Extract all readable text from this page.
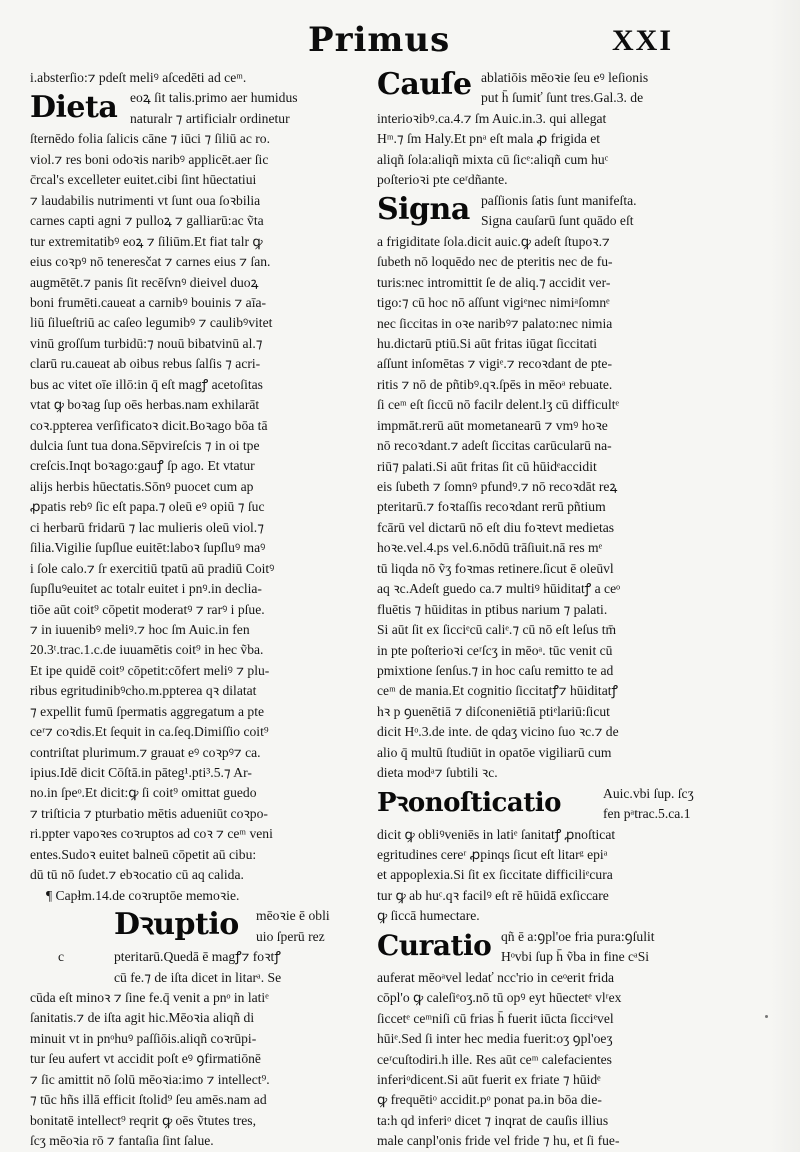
Primus	XXI
i.absterſio:⁊ pdeſt meliꝰ aſcedēti ad ceᵐ.
Dieta eoꝝ ſit talis.primo aer humidus
naturalr ⁊ artificialr ordinetur
ſternēdo folia ſalicis cāne ⁊ iūci ⁊ ſiliū ac ro.
viol.⁊ res boni odoꝛis naribꝰ applicēt.aer ſic
c̄rcal's excelleter euitet.cibi ſint hūectatiui
⁊ laudabilis nutrimenti vt ſunt oua ſoꝛbilia
carnes capti agni ⁊ pulloꝝ ⁊ galliarū:ac ṽta
tur extremitatibꝰ eoꝝ ⁊ ſiliūm.Et fiat talr ꝙ
eius coꝛpꝰ nō teneresčat ⁊ carnes eius ⁊ ſan.
augmētēt.⁊ panis ſit recēſvnꝰ dieivel duoꝝ
boni frumēti.caueat a carnibꝰ bouinis ⁊ aīa-
liū ſilueſtriū ac caſeo legumibꝰ ⁊ caulibꝰvitet
vinū groſſum turbidū:⁊ nouū bibatvinū al.⁊
clarū ru.caueat ab oibus rebus ſalſis ⁊ acri-
bus ac vitet oīe illō:in q̄ eſt magꝭ acetoſitas
vtat ꝙ boꝛag ſup oēs herbas.nam exhilarāt
coꝛ.ppterea verſificatoꝛ dicit.Boꝛago bōa tā
dulcia ſunt tua dona.Sēpvireſcis ⁊ in oi tpe
creſcis.Inqt boꝛago:gauꝭ ſp ago. Et vtatur
alijs herbis hūectatis.Sōnꝰ puocet cum ap
ꝓpatis rebꝰ ſic eſt papa.⁊ oleū eꝰ opiū ⁊ ſuc
ci herbarū fridarū ⁊ lac mulieris oleū viol.⁊
ſilia.Vigilie ſupſlue euitēt:laboꝛ ſupſluꝰ maꝰ
i ſole calo.⁊ ſr exercitiū tpatū aū pradiū Coitꝰ
ſupſluꝰeuitet ac totalr euitet i pnꝰ.in declia-
tiōe aūt coit⁹ cōpetit moderatꝰ ⁊ rarꝰ i pſue.
⁊ in iuuenibꝰ meliꝰ.⁊ hoc ſm Auic.in fen
20.3ᵗ.trac.1.c.de iuuamētis coit⁹ in hec ṽba.
Et ipe quidē coit⁹ cōpetit:cōfert meliꝰ ⁊ plu-
ribus egritudinibꝰcho.m.ppterea qꝛ dilatat
⁊ expellit fumū ſpermatis aggregatum a pte
ceʳ⁊ coꝛdis.Et ſequit in ca.ſeq.Dimiſſio coit⁹
contriſtat plurimum.⁊ grauat eꝰ coꝛpꝰ⁊ ca.
ipius.Idē dicit Cōſtā.in pāteg¹.pti³.5.⁊ Ar-
no.in ſpeᵒ.Et dicit:ꝙ ſi coit⁹ omittat guedo
⁊ triſticia ⁊ pturbatio mētis adueniūt coꝛpo-
ri.ppter vapoꝛes coꝛruptos ad coꝛ ⁊ ceᵐ veni
entes.Sudoꝛ euitet balneū cōpetit aū cibu:
dū tū nō ſudet.⁊ ebꝛocatio cū aq calida.
¶ Capłm.14.de coꝛruptōe memoꝛie.
Dꝛuptio mēoꝛie ē obli
uio ſperū rez
c	pteritarū.Quedā ē magꝭ⁊ foꝛtꝭ
cū fe.⁊ de iſta dicet in litarᵃ. Se
cūda eſt minoꝛ ⁊ ſine fe.q̄ venit a pnᵒ in latiᵉ
ſanitatis.⁊ de iſta agit hic.Mēoꝛia aliqñ di
minuit vt in pnᵒhuꝰ paſſiōis.aliqñ coꝛrūpi-
tur ſeu aufert vt accidit poſt eꝰ ꝯfirmatiōnē
⁊ ſic amittit nō ſolū mēoꝛia:imo ⁊ intellect⁹.
⁊ tūc hñs illā efficit ſtolid⁹ ſeu amēs.nam ad
bonitatē intellect⁹ reqrit ꝙ oēs ṽtutes tres,
ſcʒ mēoꝛia rō ⁊ fantaſia ſint ſalue.
Cauſe ablatiōis mēoꝛie ſeu eꝰ leſionis
put h̄ ſumiť ſunt tres.Gal.3. de
interioꝛibꝰ.ca.4.⁊ ſm Auic.in.3. qui allegat
Hᵐ.⁊ ſm Haly.Et pnᵃ eſt mala ꝓ frigida et
aliqñ ſola:aliqñ mixta cū ſicᵉ:aliqñ cum huᶜ
poſterioꝛi pte ceʳdñante.
Signa paſſionis ſatis ſunt manifeſta.
Signa cauſarū ſunt quādo eſt
a frigiditate ſola.dicit auic.ꝙ adeſt ſtupoꝛ.⁊
ſubeth nō loquēdo nec de pteritis nec de fu-
turis:nec intromittit ſe de aliq.⁊ accidit ver-
tigo:⁊ cū hoc nō aſſunt vigiᵉnec nimiᵃſomnᵉ
nec ſiccitas in oꝛe naribꝰ⁊ palato:nec nimia
hu.dictarū ptiū.Si aūt fritas iūgat ſiccitati
aſſunt inſomētas ⁊ vigiᵉ.⁊ recoꝛdant de pte-
ritis ⁊ nō de pñtibꝰ.qꝛ.ſpēs in mēoᵃ rebuate.
ſi ceᵐ eſt ſiccū nō facilr delent.lʒ cū difficultᵉ
impmāt.rerū aūt mometanearū ⁊ vmꝰ hoꝛe
nō recoꝛdant.⁊ adeſt ſiccitas carūcularū na-
riū⁊ palati.Si aūt fritas ſit cū hūidᵉaccidit
eis ſubeth ⁊ ſomnꝰ pfundꝰ.⁊ nō recoꝛdāt reꝝ
pteritarū.⁊ foꝛtaſſis recoꝛdant rerū pñtium
fcārū vel dictarū nō eſt diu foꝛtevt medietas
hoꝛe.vel.4.ps vel.6.nōdū trāſiuit.nā res mᵉ
tū liqda nō ṽʒ foꝛmas retinere.ſicut ē oleūvl
aq ꝛc.Adeſt guedo ca.⁊ multiꝰ hūiditatꝭ a ceᵒ
fluētis ⁊ hūiditas in ptibus narium ⁊ palati.
Si aūt ſit ex ſicciᵉcū caliᵉ.⁊ cū nō eſt leſus tm̄
in pte poſterioꝛi ceʳſcʒ in mēoᵃ. tūc venit cū
pmixtione ſenſus.⁊ in hoc caſu remitto te ad
ceᵐ de mania.Et cognitio ſiccitatꝭ⁊ hūiditatꝭ
hꝛ p ꝯuenētiā ⁊ diſconeniētiā ptiᵉlariū:ſicut
dicit Hᵒ.3.de inte. de qdaʒ vicino ſuo ꝛc.⁊ de
alio q̄ multū ſtudiūt in opatōe vigiliarū cum
dieta modᵃ⁊ ſubtili ꝛc.
Pꝛonoſticatio	Auic.vbi ſup. ſcʒ
fen pᵃtrac.5.ca.1
dicit ꝙ obliꝰveniēs in latiᵉ ſanitatꝭ ꝓnoſticat
egritudines cereʳ ꝓpinqs ſicut eſt litarᵍ epiᵃ
et appoplexia.Si ſit ex ſiccitate difficiliᵉcura
tur ꝙ ab huᶜ.qꝛ facilꝰ eſt rē hūidā exſiccare
ꝙ ſiccā humectare.
Curatio qñ ē a:ꝯpl'oe fria pura:ꝯſulit
Hᵒvbi ſup h̄ ṽba in fine cᵃSi
auferat mēoᵃvel ledať ncc'rio in ceᵒerit frida
cōpl'o ꝙ caleſiᵉoʒ.nō tū opꝰ eyt hūectetᵉ vlʳex
ſiccetᵉ ceᵐniſi cū frias h̄ fuerit iūcta ſicciᵉvel
hūiᵉ.Sed ſi inter hec media fuerit:oʒ ꝯpl'oeʒ
ceʳcuſtodiri.h ille. Res aūt ceᵐ calefacientes
inferiᵒdicent.Si aūt fuerit ex friate ⁊ hūidᵉ
ꝙ frequētiᵒ accidit.pᵒ ponat pa.in bōa die-
ta:h qd inferiᵒ dicet ⁊ inqrat de cauſis illius
male canpl'onis fride vel fride ⁊ hu, et ſi fue-
